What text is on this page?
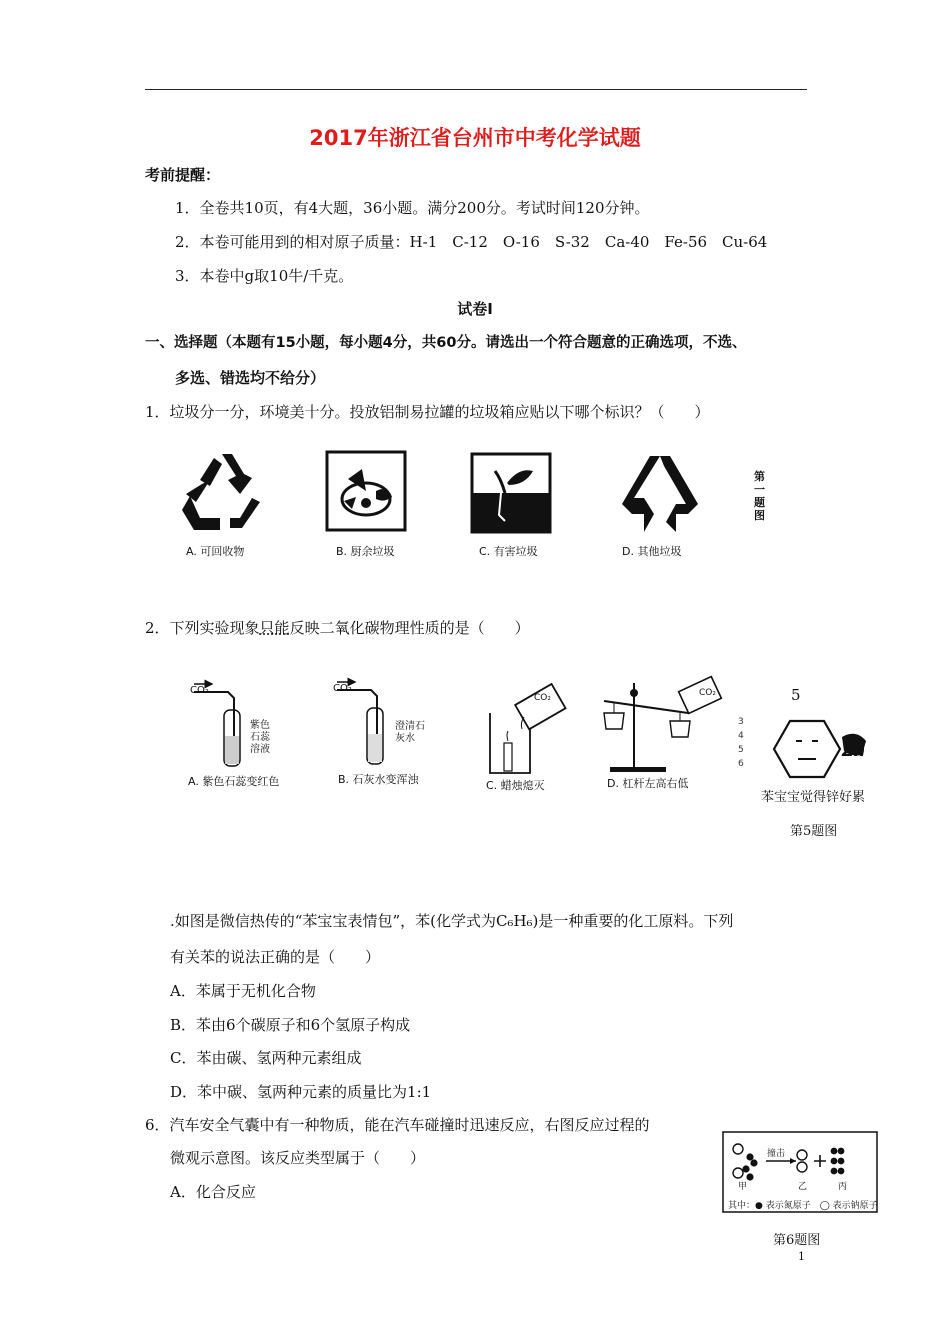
2017年浙江省台州市中考化学试题
考前提醒：
1．全卷共10页，有4大题，36小题。满分200分。考试时间120分钟。
2．本卷可能用到的相对原子质量：H-1　C-12　O-16　S-32　Ca-40　Fe-56　Cu-64
3．本卷中g取10牛/千克。
试卷Ⅰ
一、选择题（本题有15小题，每小题4分，共60分。请选出一个符合题意的正确选项，不选、
多选、错选均不给分）
1．垃圾分一分，环境美十分。投放铝制易拉罐的垃圾箱应贴以下哪个标识？（　　）
A. 可回收物	B. 厨余垃圾	C. 有害垃圾	D. 其他垃圾
第一题图
2．下列实验现象只能反映二氧化碳物理性质的是（　　）
CO₂
紫色石蕊溶液
A. 紫色石蕊变红色
CO₂
澄清石灰水
B. 石灰水变浑浊
CO₂
C. 蜡烛熄灭
CO₂
D. 杠杆左高右低
5
3 4 5 6
Zn
苯宝宝觉得锌好累
第5题图
.如图是微信热传的“苯宝宝表情包”，苯(化学式为C₆H₆)是一种重要的化工原料。下列
有关苯的说法正确的是（　　）
A．苯属于无机化合物
B．苯由6个碳原子和6个氢原子构成
C．苯由碳、氢两种元素组成
D．苯中碳、氢两种元素的质量比为1:1
6．汽车安全气囊中有一种物质，能在汽车碰撞时迅速反应，右图反应过程的
微观示意图。该反应类型属于（　　）
A．化合反应
撞击
甲	乙	丙
其中：● 表示氮原子　◯ 表示钠原子
第6题图
1
